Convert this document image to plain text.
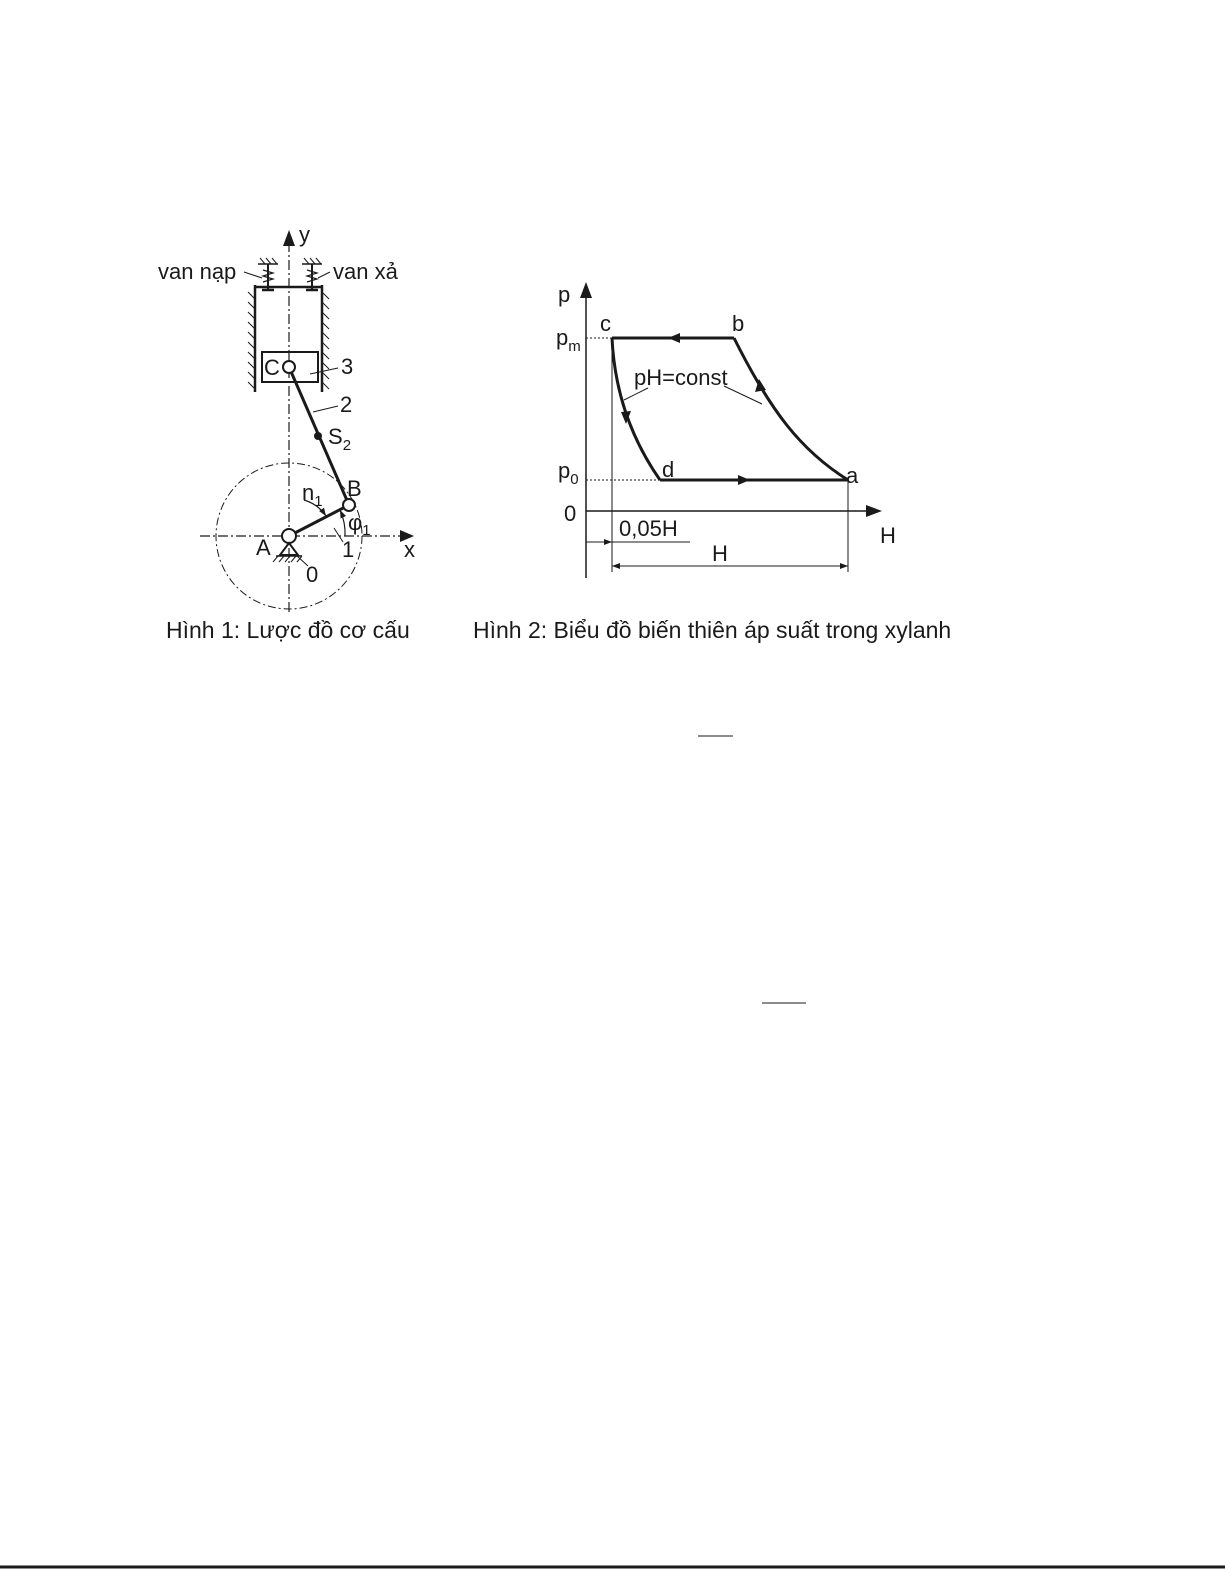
x
y
van nạp	van xả
C	3
2
$S_2$
B
$\varphi_1$
$n_1$
1
A
0
Hình 1: Lược đồ cơ cấu
p
H
0
$p_m$
$p_0$
c	b
d	a
pH=const
0,05H
H
Hình 2: Biểu đồ biến thiên áp suất trong xylanh
